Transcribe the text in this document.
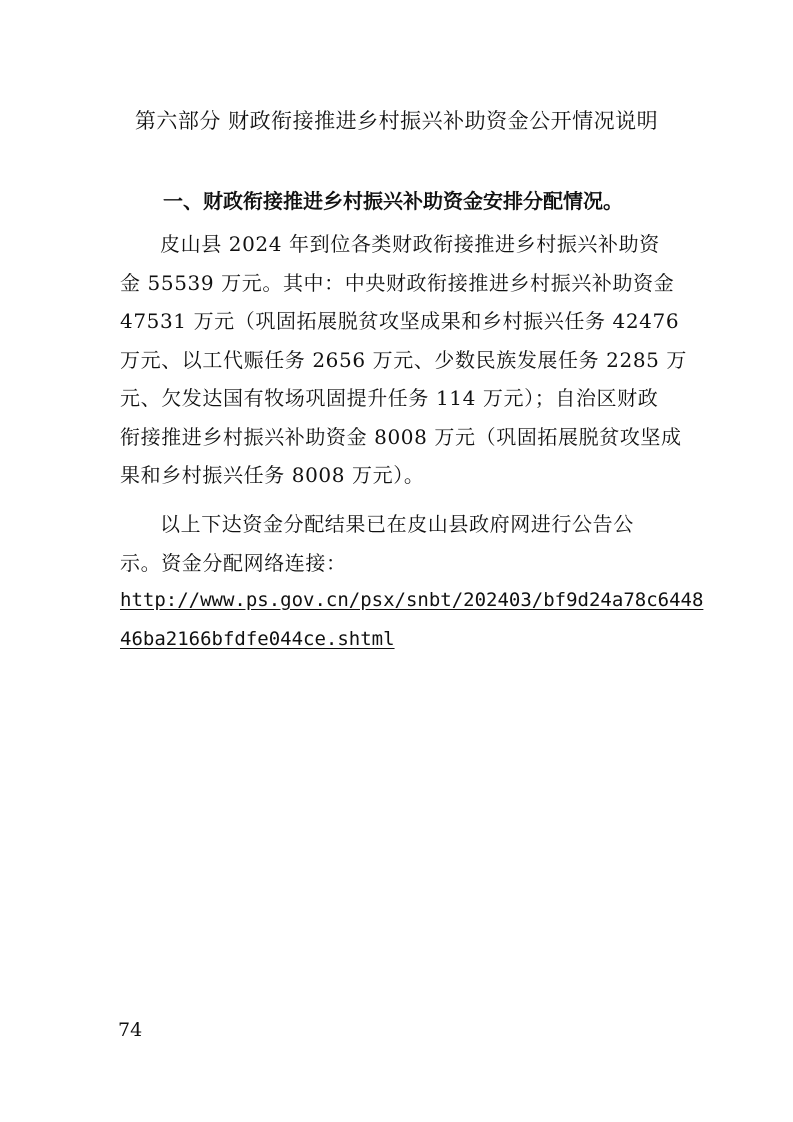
第六部分 财政衔接推进乡村振兴补助资金公开情况说明
一、财政衔接推进乡村振兴补助资金安排分配情况。
皮山县 2024 年到位各类财政衔接推进乡村振兴补助资
金 55539 万元。其中：中央财政衔接推进乡村振兴补助资金
47531 万元（巩固拓展脱贫攻坚成果和乡村振兴任务 42476
万元、以工代赈任务 2656 万元、少数民族发展任务 2285 万
元、欠发达国有牧场巩固提升任务 114 万元）；自治区财政
衔接推进乡村振兴补助资金 8008 万元（巩固拓展脱贫攻坚成
果和乡村振兴任务 8008 万元）。
以上下达资金分配结果已在皮山县政府网进行公告公
示。资金分配网络连接：
http://www.ps.gov.cn/psx/snbt/202403/bf9d24a78c6448
46ba2166bfdfe044ce.shtml
74
